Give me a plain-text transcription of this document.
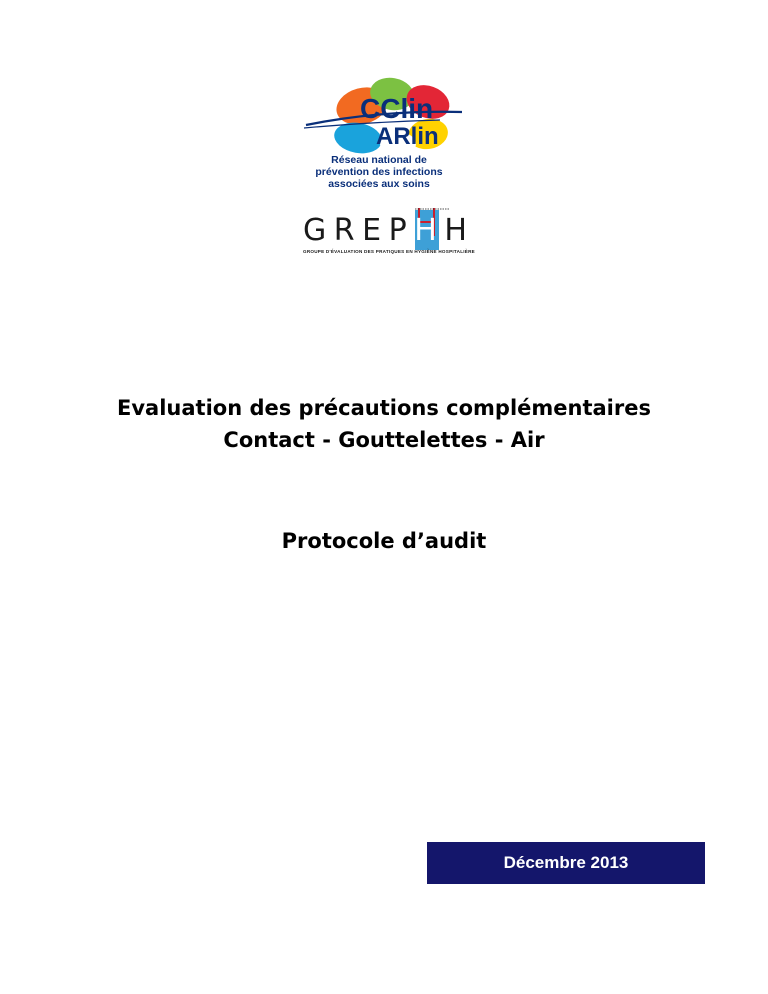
CClin
ARlin
Réseau national de
prévention des infections
associées aux soins
G R E P H H
GROUPE D'ÉVALUATION DES PRATIQUES EN HYGIÈNE HOSPITALIÈRE
Evaluation des précautions complémentaires
Contact - Gouttelettes - Air
Protocole d’audit
Décembre 2013
